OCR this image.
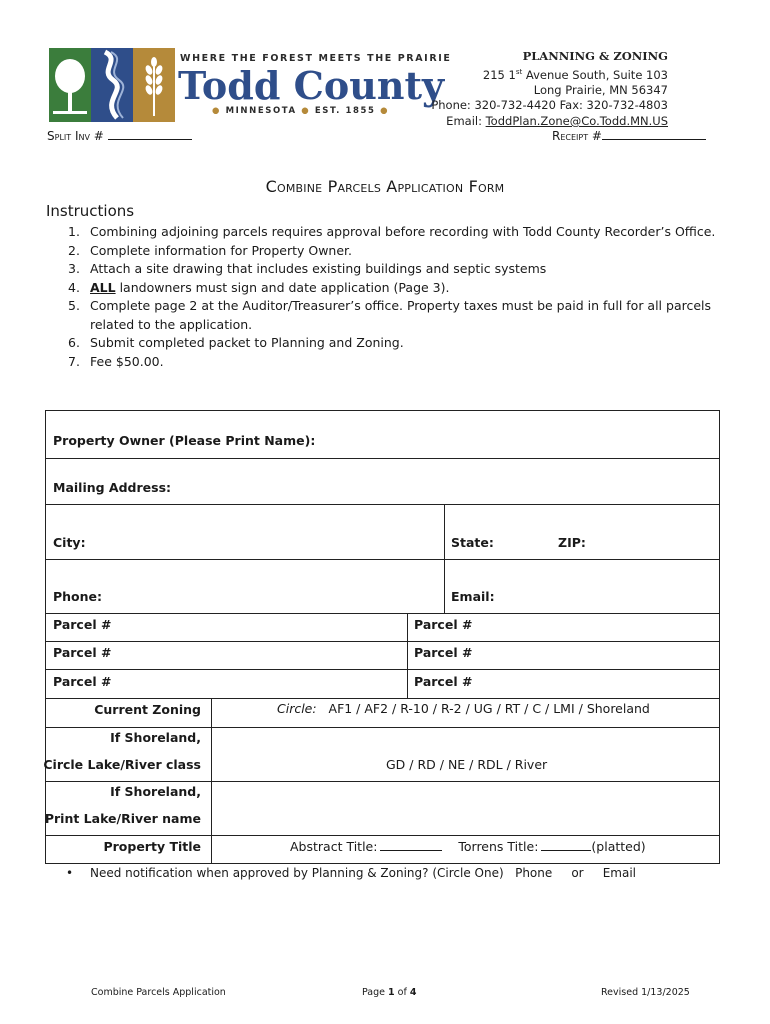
WHERE THE FOREST MEETS THE PRAIRIE
Todd County
● MINNESOTA ● EST. 1855 ●
PLANNING & ZONING
215 1st Avenue South, Suite 103
Long Prairie, MN 56347
Phone: 320-732-4420 Fax: 320-732-4803
Email: ToddPlan.Zone@Co.Todd.MN.US
Split Inv #	Receipt #
Combine Parcels Application Form
Instructions
1. Combining adjoining parcels requires approval before recording with Todd County Recorder’s Office.
2. Complete information for Property Owner.
3. Attach a site drawing that includes existing buildings and septic systems
4. ALL landowners must sign and date application (Page 3).
5. Complete page 2 at the Auditor/Treasurer’s office. Property taxes must be paid in full for all parcels related to the application.
6. Submit completed packet to Planning and Zoning.
7. Fee $50.00.
Property Owner (Please Print Name):
Mailing Address:
City:	State:	ZIP:
Phone:	Email:
Parcel #	Parcel #
Parcel #	Parcel #
Parcel #	Parcel #
Current Zoning	Circle: AF1 / AF2 / R-10 / R-2 / UG / RT / C / LMI / Shoreland
If Shoreland,
Circle Lake/River class	GD / RD / NE / RDL / River
If Shoreland,
Print Lake/River name
Property Title	Abstract Title:	Torrens Title:	(platted)
• Need notification when approved by Planning & Zoning? (Circle One) Phone or Email
Combine Parcels Application	Page 1 of 4	Revised 1/13/2025
